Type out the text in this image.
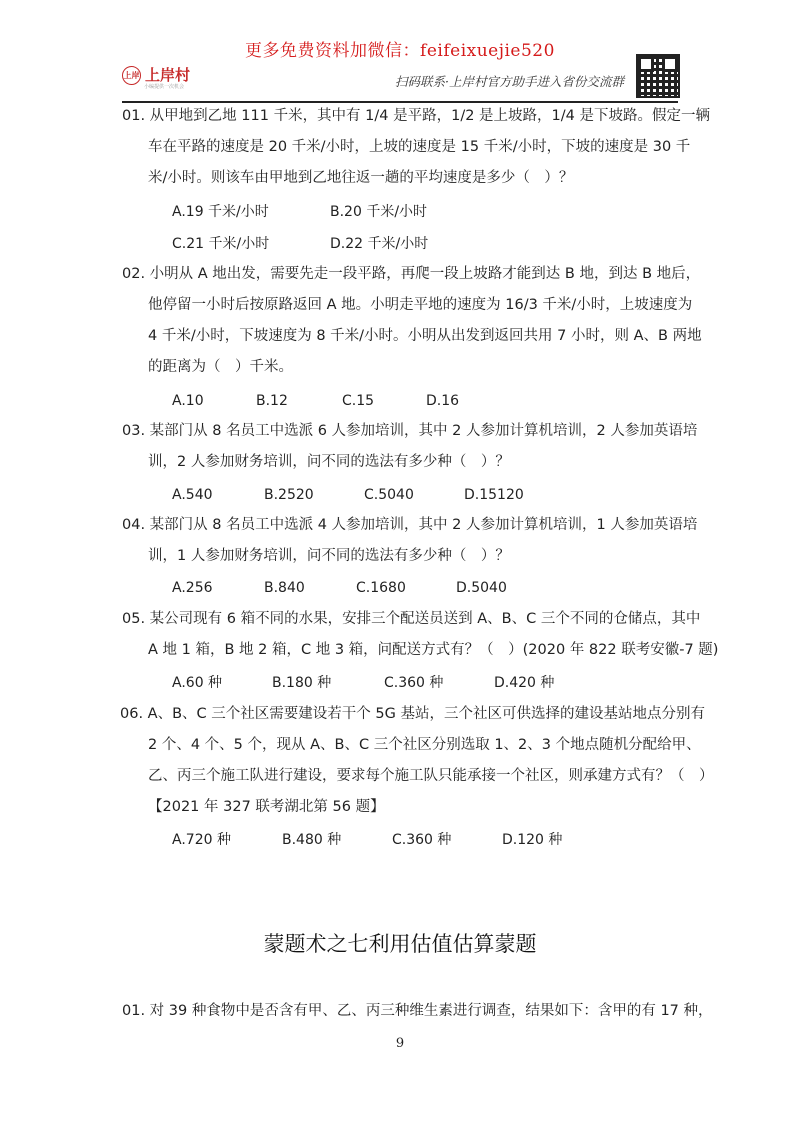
更多免费资料加微信：feifeixuejie520
上岸 上岸村
小编提供一次机会	扫码联系·上岸村官方助手进入省份交流群
01. 从甲地到乙地 111 千米，其中有 1/4 是平路，1/2 是上坡路，1/4 是下坡路。假定一辆
车在平路的速度是 20 千米/小时，上坡的速度是 15 千米/小时，下坡的速度是 30 千
米/小时。则该车由甲地到乙地往返一趟的平均速度是多少（　）？
A.19 千米/小时	B.20 千米/小时
C.21 千米/小时	D.22 千米/小时
02. 小明从 A 地出发，需要先走一段平路，再爬一段上坡路才能到达 B 地，到达 B 地后，
他停留一小时后按原路返回 A 地。小明走平地的速度为 16/3 千米/小时，上坡速度为
4 千米/小时，下坡速度为 8 千米/小时。小明从出发到返回共用 7 小时，则 A、B 两地
的距离为（　）千米。
A.10	B.12	C.15	D.16
03. 某部门从 8 名员工中选派 6 人参加培训，其中 2 人参加计算机培训，2 人参加英语培
训，2 人参加财务培训，问不同的选法有多少种（　）？
A.540	B.2520	C.5040	D.15120
04. 某部门从 8 名员工中选派 4 人参加培训，其中 2 人参加计算机培训，1 人参加英语培
训，1 人参加财务培训，问不同的选法有多少种（　）？
A.256	B.840	C.1680	D.5040
05. 某公司现有 6 箱不同的水果，安排三个配送员送到 A、B、C 三个不同的仓储点，其中
A 地 1 箱，B 地 2 箱，C 地 3 箱，问配送方式有？（　）(2020 年 822 联考安徽-7 题)
A.60 种	B.180 种	C.360 种	D.420 种
06. A、B、C 三个社区需要建设若干个 5G 基站，三个社区可供选择的建设基站地点分别有
2 个、4 个、5 个，现从 A、B、C 三个社区分别选取 1、2、3 个地点随机分配给甲、
乙、丙三个施工队进行建设，要求每个施工队只能承接一个社区，则承建方式有？（　）
【2021 年 327 联考湖北第 56 题】
A.720 种	B.480 种	C.360 种	D.120 种
蒙题术之七利用估值估算蒙题
01. 对 39 种食物中是否含有甲、乙、丙三种维生素进行调查，结果如下：含甲的有 17 种，
9
